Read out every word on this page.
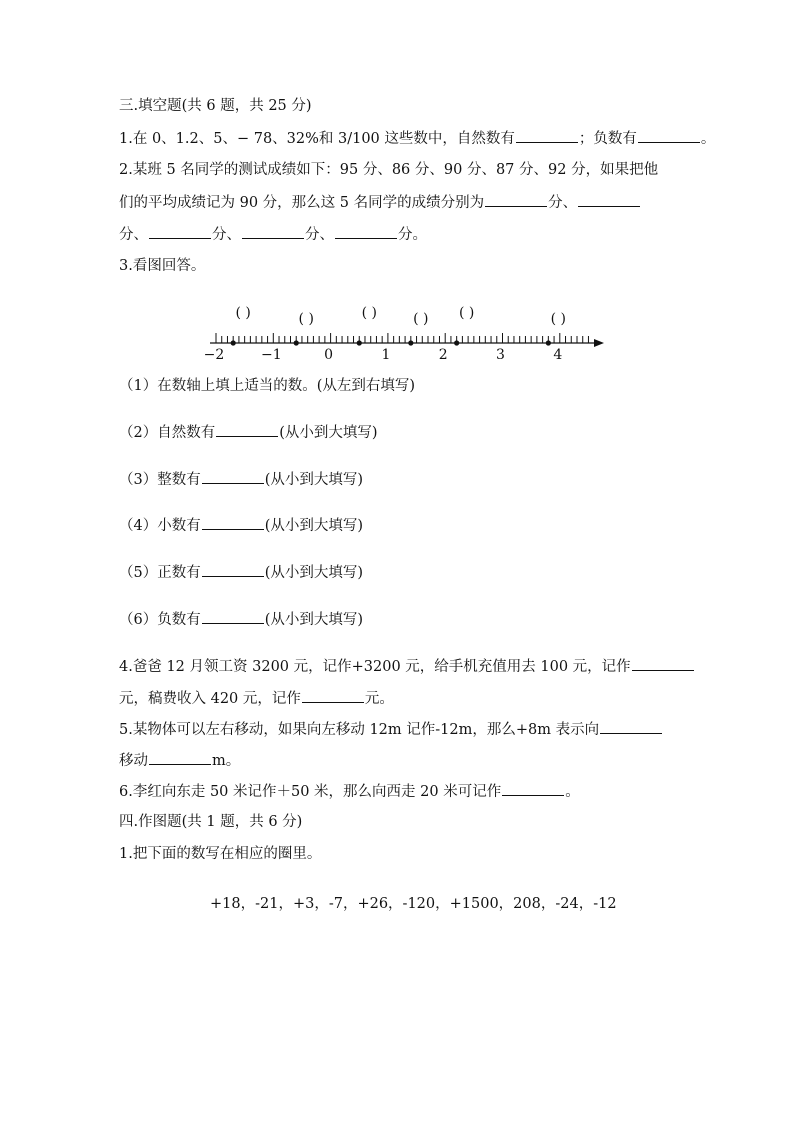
三.填空题(共 6 题，共 25 分)
1.在 0、1.2、5、− 78、32%和 3/100 这些数中，自然数有	；负数有	。
2.某班 5 名同学的测试成绩如下：95 分、86 分、90 分、87 分、92 分，如果把他
们的平均成绩记为 90 分，那么这 5 名同学的成绩分别为	分、
分、	分、	分、	分。
3.看图回答。
−2	−1	0	1	2	3	4
( )	( )	( )	( ) ( )	( )
（1）在数轴上填上适当的数。(从左到右填写)
（2）自然数有	(从小到大填写)
（3）整数有	(从小到大填写)
（4）小数有	(从小到大填写)
（5）正数有	(从小到大填写)
（6）负数有	(从小到大填写)
4.爸爸 12 月领工资 3200 元，记作+3200 元，给手机充值用去 100 元，记作
元，稿费收入 420 元，记作	元。
5.某物体可以左右移动，如果向左移动 12m 记作-12m，那么+8m 表示向
移动	m。
6.李红向东走 50 米记作＋50 米，那么向西走 20 米可记作	。
四.作图题(共 1 题，共 6 分)
1.把下面的数写在相应的圈里。
+18，-21，+3，-7，+26，-120，+1500，208，-24，-12
